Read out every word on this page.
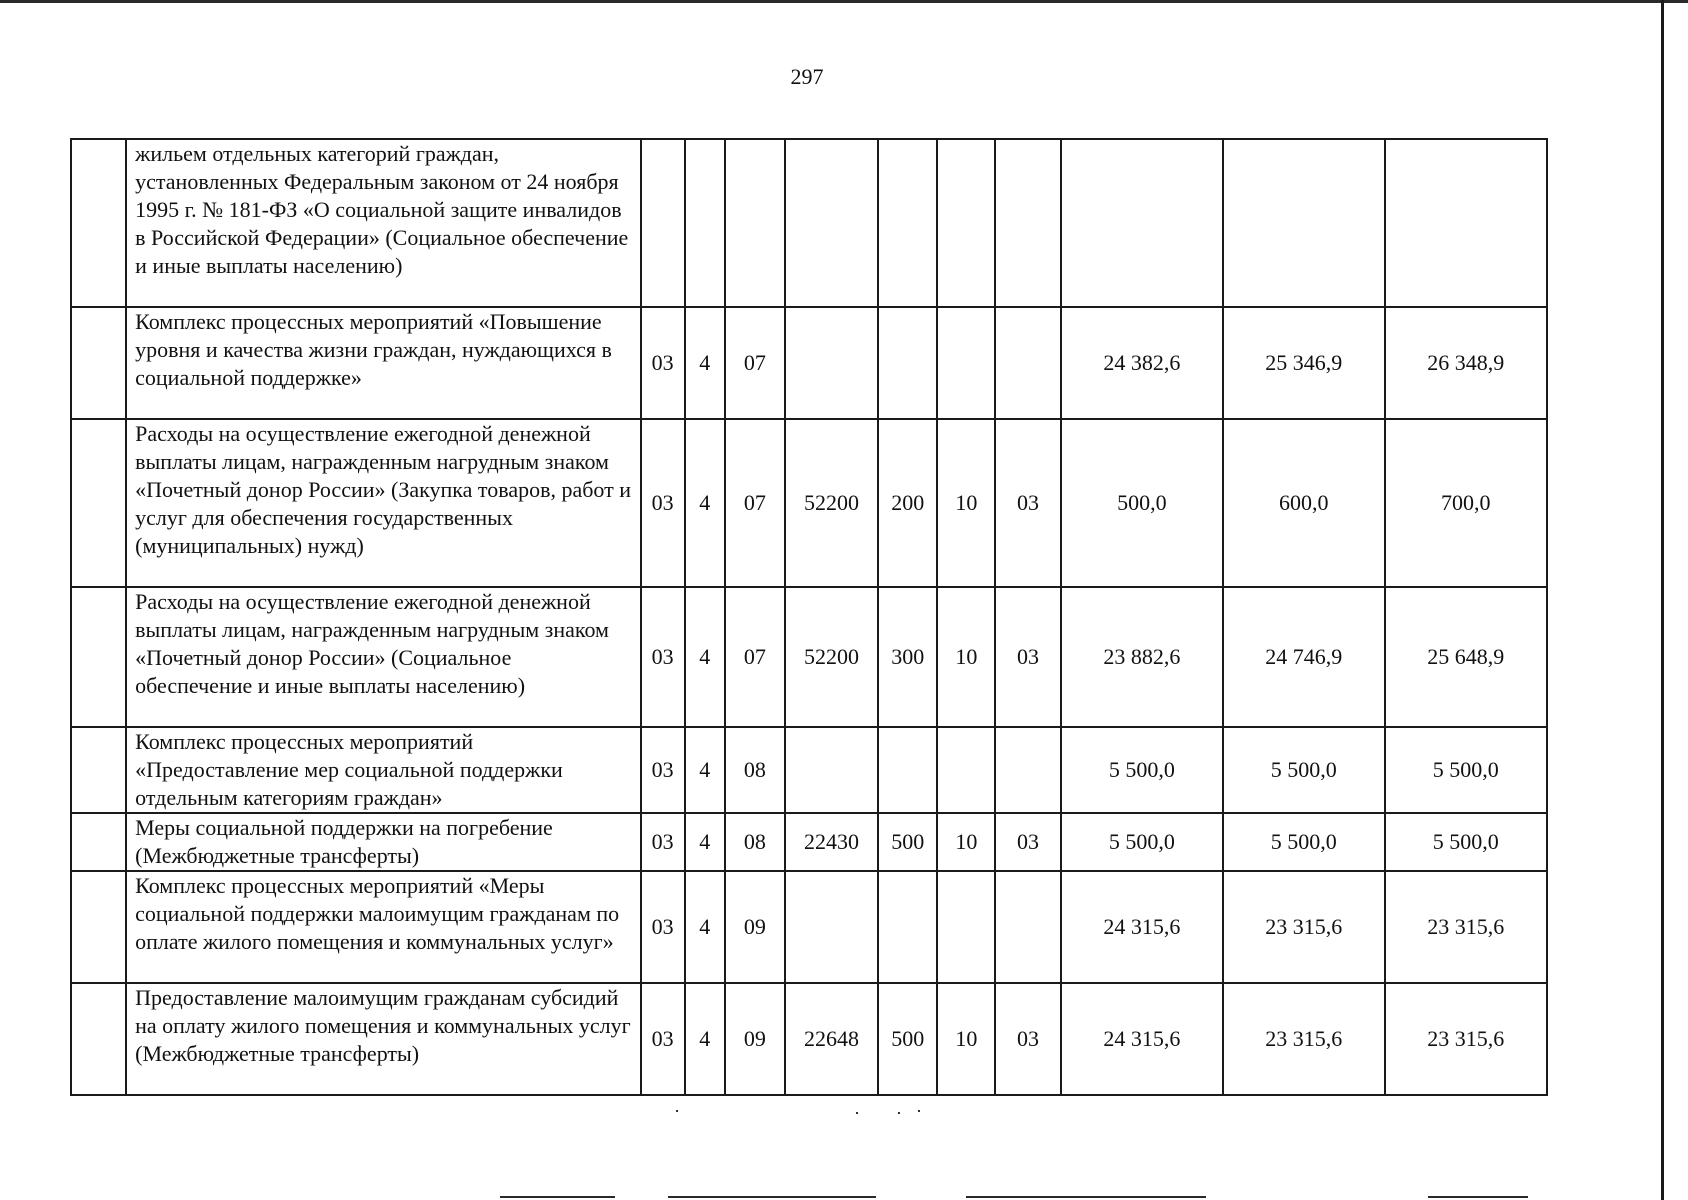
297
	жильем отдельных категорий граждан, установленных Федеральным законом от 24 ноября 1995 г. № 181-ФЗ «О социальной защите инвалидов в Российской Федерации» (Социальное обеспечение и иные выплаты населению)										
	Комплекс процессных мероприятий «Повышение уровня и качества жизни граждан, нуждающихся в социальной поддержке»	03	4	07					24 382,6	25 346,9	26 348,9
	Расходы на осуществление ежегодной денежной выплаты лицам, награжденным нагрудным знаком «Почетный донор России» (Закупка товаров, работ и услуг для обеспечения государственных (муниципальных) нужд)	03	4	07	52200	200	10	03	500,0	600,0	700,0
	Расходы на осуществление ежегодной денежной выплаты лицам, награжденным нагрудным знаком «Почетный донор России» (Социальное обеспечение и иные выплаты населению)	03	4	07	52200	300	10	03	23 882,6	24 746,9	25 648,9
	Комплекс процессных мероприятий «Предоставление мер социальной поддержки отдельным категориям граждан»	03	4	08					5 500,0	5 500,0	5 500,0
	Меры социальной поддержки на погребение (Межбюджетные трансферты)	03	4	08	22430	500	10	03	5 500,0	5 500,0	5 500,0
	Комплекс процессных мероприятий «Меры социальной поддержки малоимущим гражданам по оплате жилого помещения и коммунальных услуг»	03	4	09					24 315,6	23 315,6	23 315,6
	Предоставление малоимущим гражданам субсидий на оплату жилого помещения и коммунальных услуг (Межбюджетные трансферты)	03	4	09	22648	500	10	03	24 315,6	23 315,6	23 315,6
